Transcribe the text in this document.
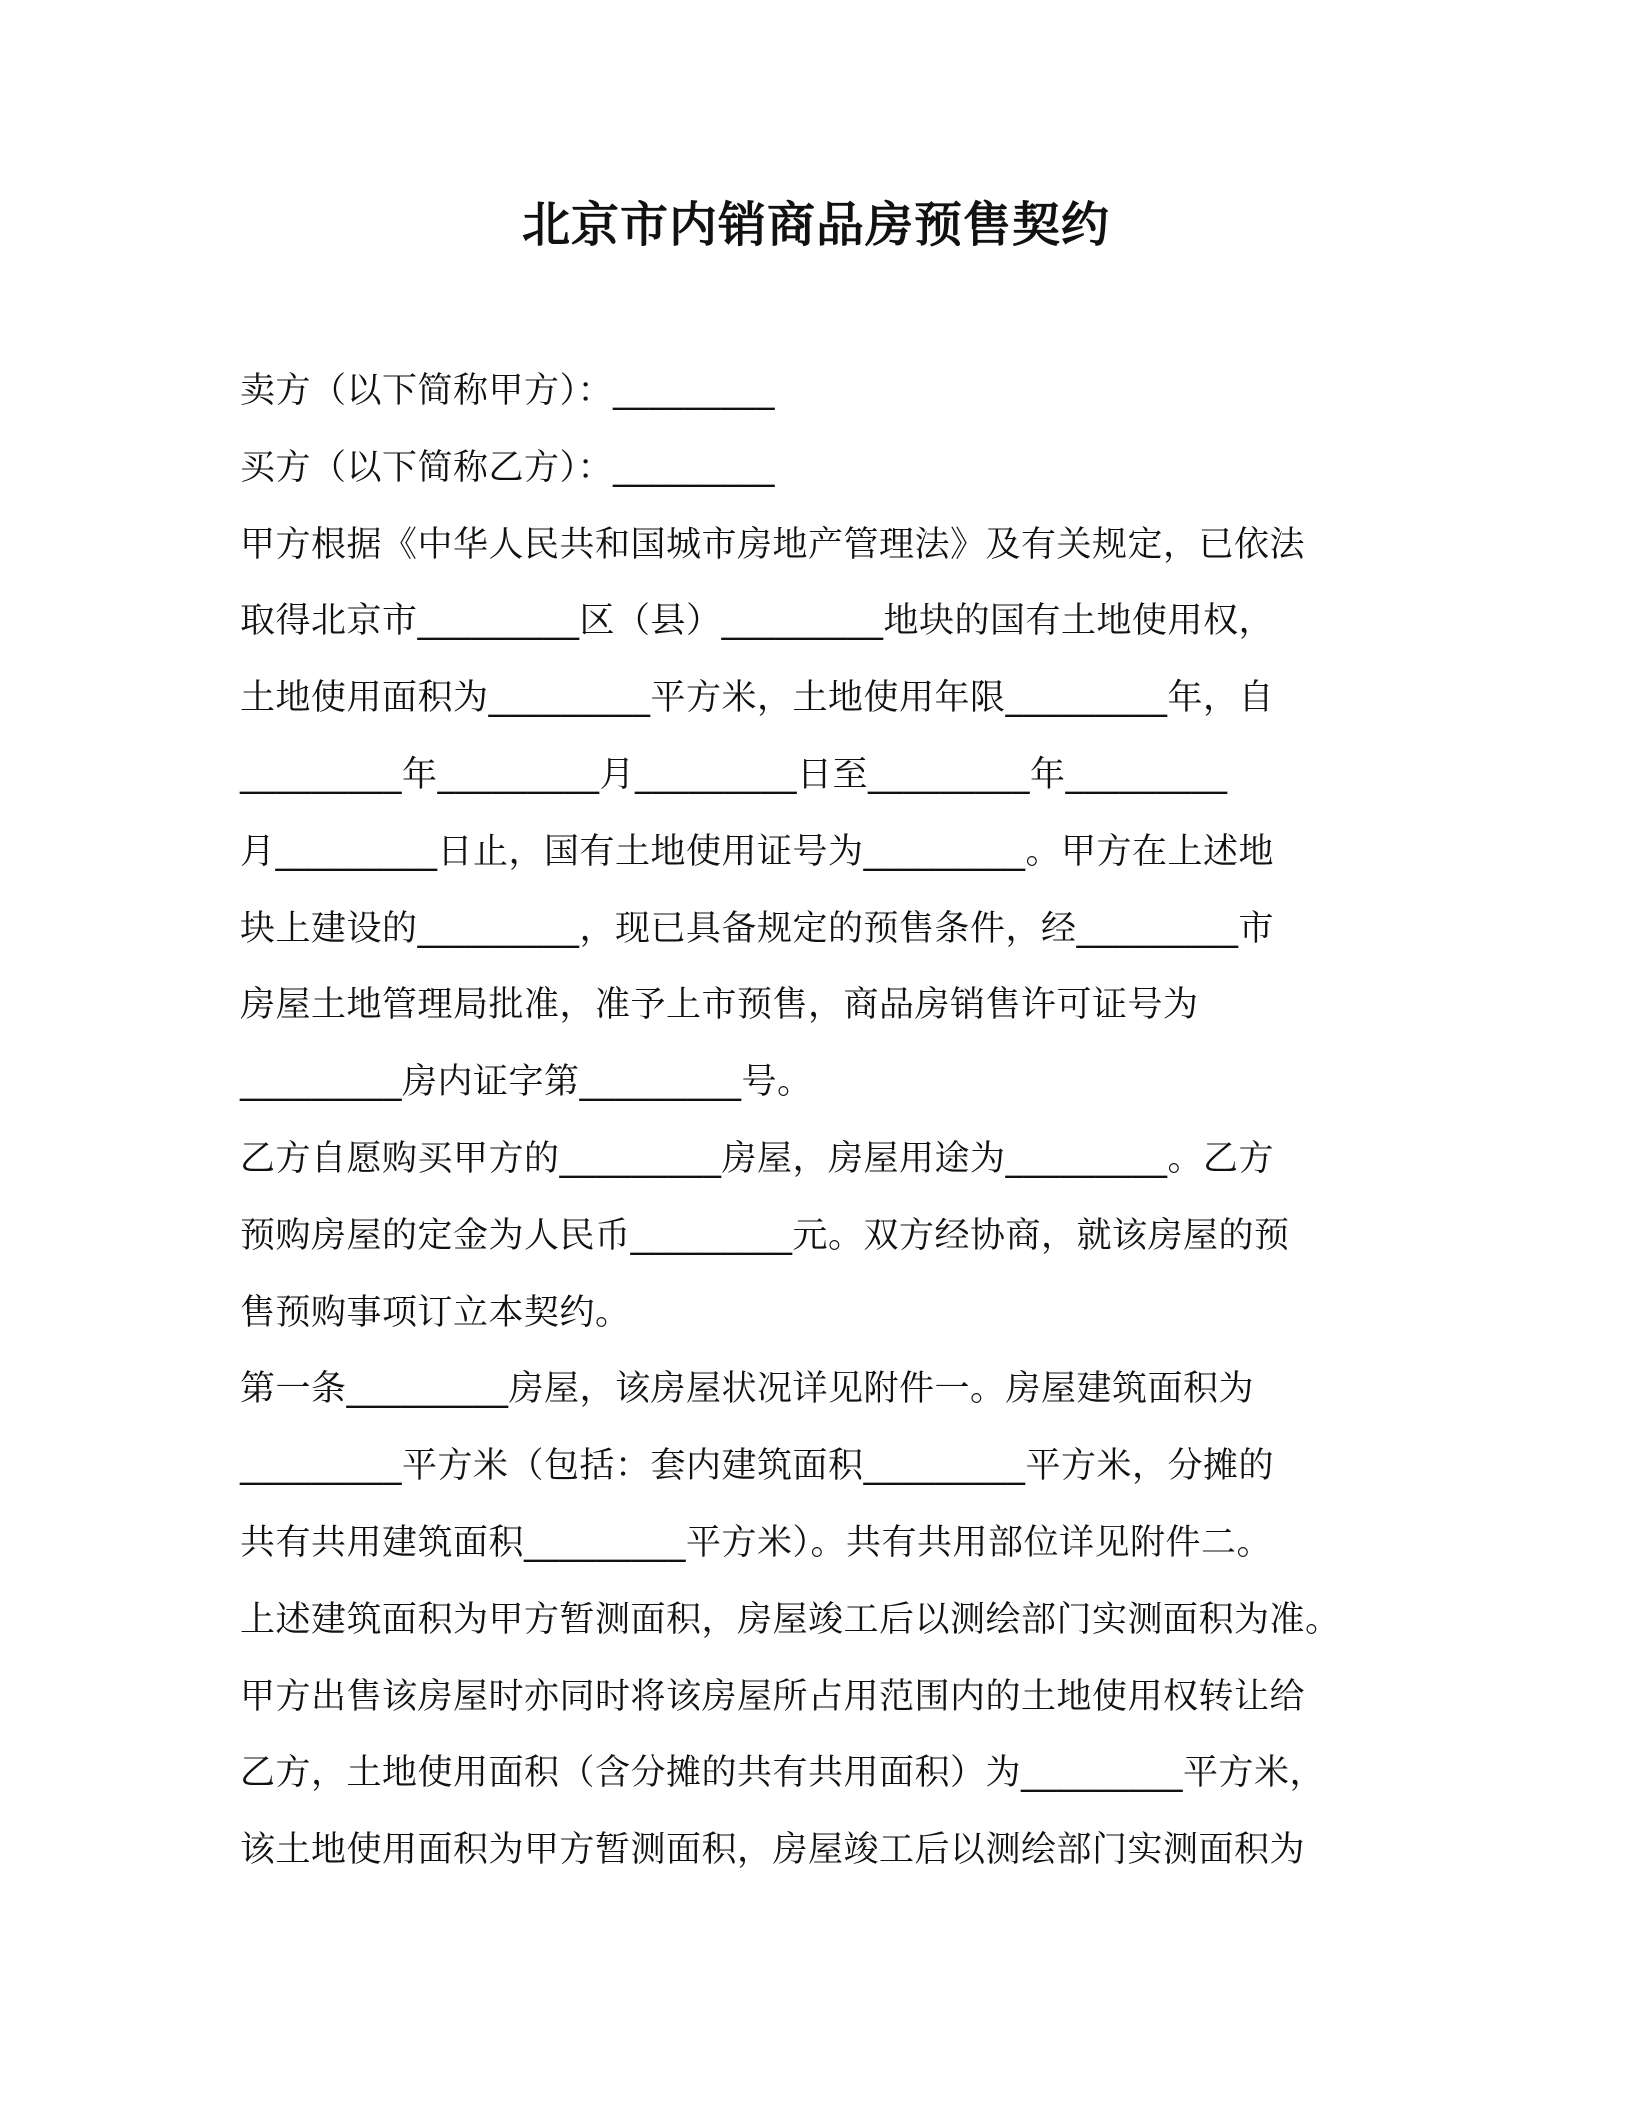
北京市内销商品房预售契约
卖方（以下简称甲方）：_________
买方（以下简称乙方）：_________
甲方根据《中华人民共和国城市房地产管理法》及有关规定，已依法
取得北京市_________区（县）_________地块的国有土地使用权，
土地使用面积为_________平方米，土地使用年限_________年，自
_________年_________月_________日至_________年_________
月_________日止，国有土地使用证号为_________。甲方在上述地
块上建设的_________，现已具备规定的预售条件，经_________市
房屋土地管理局批准，准予上市预售，商品房销售许可证号为
_________房内证字第_________号。
乙方自愿购买甲方的_________房屋，房屋用途为_________。乙方
预购房屋的定金为人民币_________元。双方经协商，就该房屋的预
售预购事项订立本契约。
第一条_________房屋，该房屋状况详见附件一。房屋建筑面积为
_________平方米（包括：套内建筑面积_________平方米，分摊的
共有共用建筑面积_________平方米）。共有共用部位详见附件二。
上述建筑面积为甲方暂测面积，房屋竣工后以测绘部门实测面积为准。
甲方出售该房屋时亦同时将该房屋所占用范围内的土地使用权转让给
乙方，土地使用面积（含分摊的共有共用面积）为_________平方米，
该土地使用面积为甲方暂测面积，房屋竣工后以测绘部门实测面积为
